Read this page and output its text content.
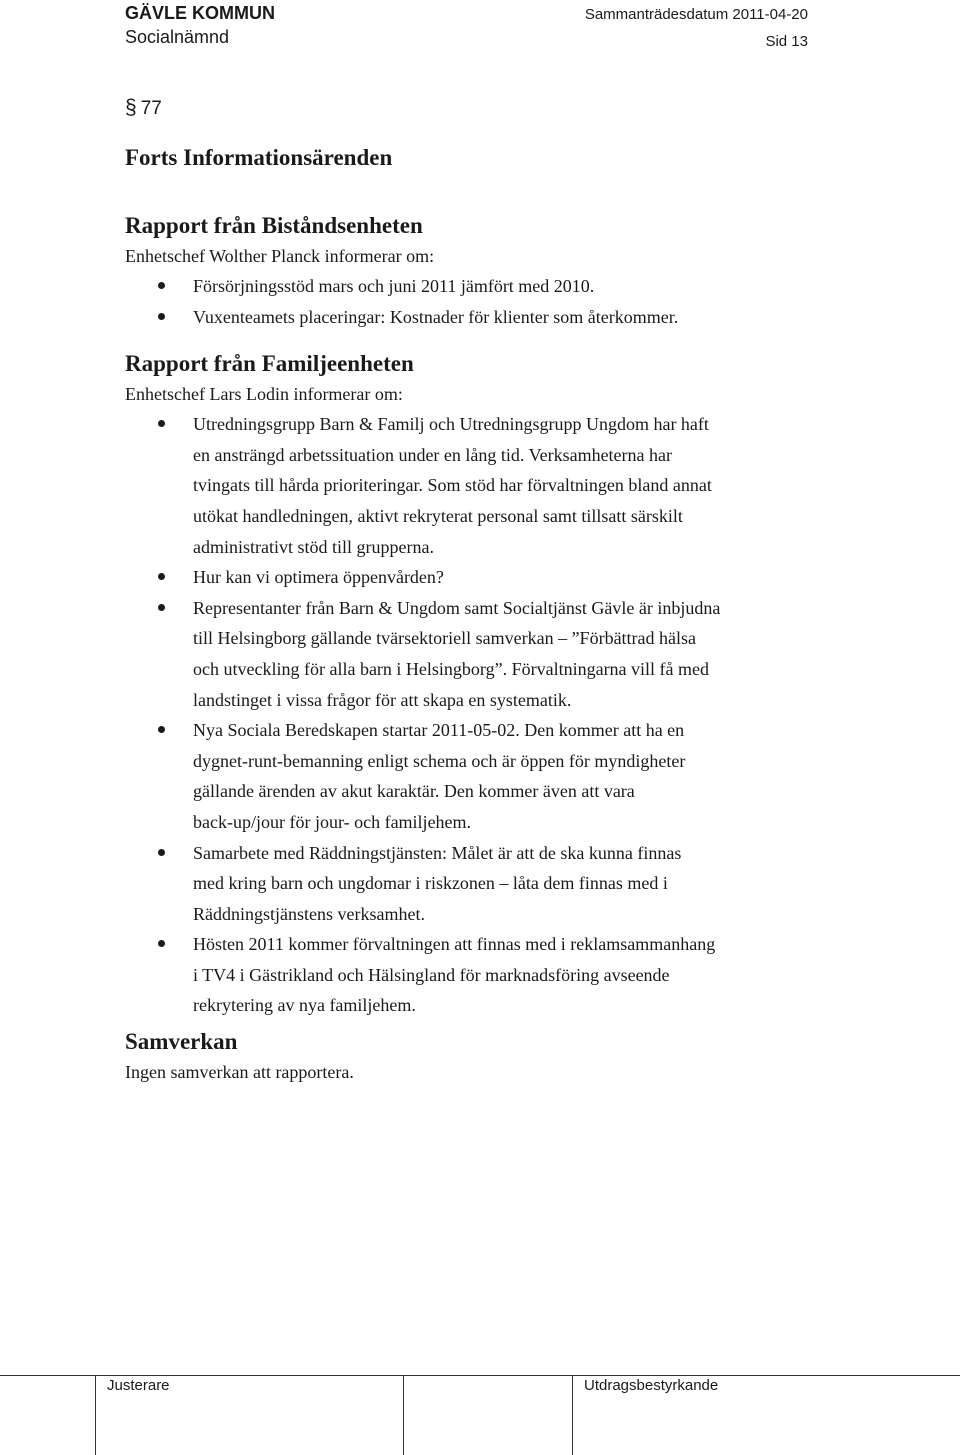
GÄVLE KOMMUN
Socialnämnd
Sammanträdesdatum 2011-04-20
Sid 13

§ 77

Forts Informationsärenden
Rapport från Biståndsenheten

Enhetschef Wolther Planck informerar om:

Försörjningsstöd mars och juni 2011 jämfört med 2010.
Vuxenteamets placeringar: Kostnader för klienter som återkommer.
Rapport från Familjeenheten

Enhetschef Lars Lodin informerar om:

Utredningsgrupp Barn & Familj och Utredningsgrupp Ungdom har haft
en ansträngd arbetssituation under en lång tid. Verksamheterna har
tvingats till hårda prioriteringar. Som stöd har förvaltningen bland annat
utökat handledningen, aktivt rekryterat personal samt tillsatt särskilt
administrativt stöd till grupperna.
Hur kan vi optimera öppenvården?
Representanter från Barn & Ungdom samt Socialtjänst Gävle är inbjudna
till Helsingborg gällande tvärsektoriell samverkan – ”Förbättrad hälsa
och utveckling för alla barn i Helsingborg”. Förvaltningarna vill få med
landstinget i vissa frågor för att skapa en systematik.
Nya Sociala Beredskapen startar 2011-05-02. Den kommer att ha en
dygnet-runt-bemanning enligt schema och är öppen för myndigheter
gällande ärenden av akut karaktär. Den kommer även att vara
back-up/jour för jour- och familjehem.
Samarbete med Räddningstjänsten: Målet är att de ska kunna finnas
med kring barn och ungdomar i riskzonen – låta dem finnas med i
Räddningstjänstens verksamhet.
Hösten 2011 kommer förvaltningen att finnas med i reklamsammanhang
i TV4 i Gästrikland och Hälsingland för marknadsföring avseende
rekrytering av nya familjehem.
Samverkan

Ingen samverkan att rapportera.

Justerare	Utdragsbestyrkande
